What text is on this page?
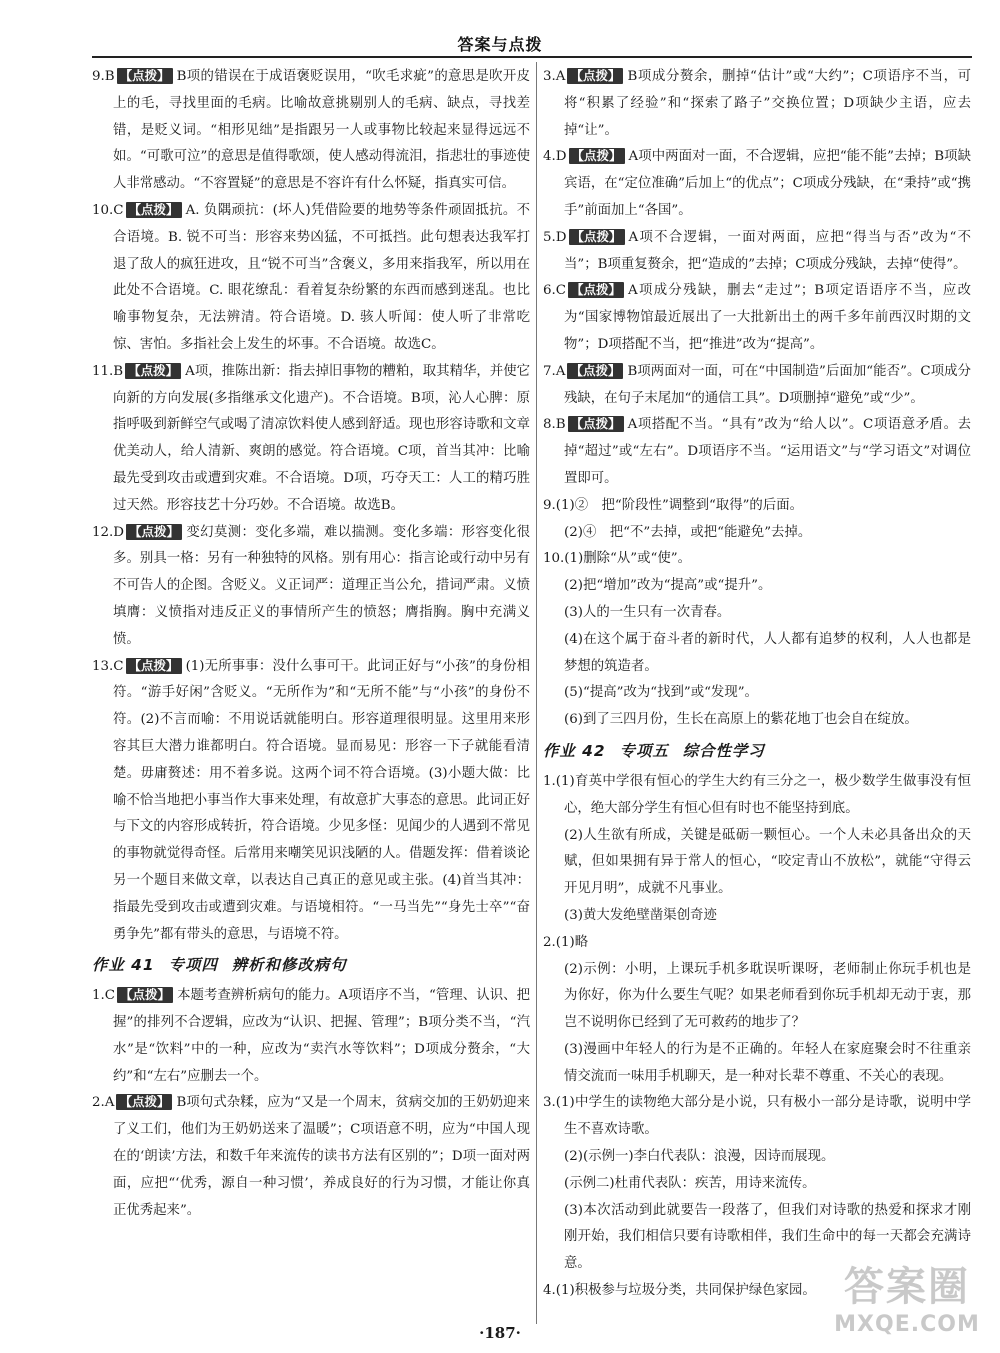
答案与点拨

9.B 【点拨】 B项的错误在于成语褒贬误用，“吹毛求疵”的意思是吹开皮上的毛，寻找里面的毛病。比喻故意挑剔别人的毛病、缺点，寻找差错，是贬义词。“相形见绌”是指跟另一人或事物比较起来显得远远不如。“可歌可泣”的意思是值得歌颂，使人感动得流泪，指悲壮的事迹使人非常感动。“不容置疑”的意思是不容许有什么怀疑，指真实可信。

10.C 【点拨】 A. 负隅顽抗：(坏人)凭借险要的地势等条件顽固抵抗。不合语境。B. 锐不可当：形容来势凶猛，不可抵挡。此句想表达我军打退了敌人的疯狂进攻，且“锐不可当”含褒义，多用来指我军，所以用在此处不合语境。C. 眼花缭乱：看着复杂纷繁的东西而感到迷乱。也比喻事物复杂，无法辨清。符合语境。D. 骇人听闻：使人听了非常吃惊、害怕。多指社会上发生的坏事。不合语境。故选C。

11.B 【点拨】 A项，推陈出新：指去掉旧事物的糟粕，取其精华，并使它向新的方向发展(多指继承文化遗产)。不合语境。B项，沁人心脾：原指呼吸到新鲜空气或喝了清凉饮料使人感到舒适。现也形容诗歌和文章优美动人，给人清新、爽朗的感觉。符合语境。C项，首当其冲：比喻最先受到攻击或遭到灾难。不合语境。D项，巧夺天工：人工的精巧胜过天然。形容技艺十分巧妙。不合语境。故选B。

12.D 【点拨】 变幻莫测：变化多端，难以揣测。变化多端：形容变化很多。别具一格：另有一种独特的风格。别有用心：指言论或行动中另有不可告人的企图。含贬义。义正词严：道理正当公允，措词严肃。义愤填膺：义愤指对违反正义的事情所产生的愤怒；膺指胸。胸中充满义愤。

13.C 【点拨】 (1)无所事事：没什么事可干。此词正好与“小孩”的身份相符。“游手好闲”含贬义。“无所作为”和“无所不能”与“小孩”的身份不符。(2)不言而喻：不用说话就能明白。形容道理很明显。这里用来形容其巨大潜力谁都明白。符合语境。显而易见：形容一下子就能看清楚。毋庸赘述：用不着多说。这两个词不符合语境。(3)小题大做：比喻不恰当地把小事当作大事来处理，有故意扩大事态的意思。此词正好与下文的内容形成转折，符合语境。少见多怪：见闻少的人遇到不常见的事物就觉得奇怪。后常用来嘲笑见识浅陋的人。借题发挥：借着谈论另一个题目来做文章，以表达自己真正的意见或主张。(4)首当其冲：指最先受到攻击或遭到灾难。与语境相符。“一马当先”“身先士卒”“奋勇争先”都有带头的意思，与语境不符。

作业 41 专项四 辨析和修改病句

1.C 【点拨】 本题考查辨析病句的能力。A项语序不当，“管理、认识、把握”的排列不合逻辑，应改为“认识、把握、管理”；B项分类不当，“汽水”是“饮料”中的一种，应改为“卖汽水等饮料”；D项成分赘余，“大约”和“左右”应删去一个。

2.A 【点拨】 B项句式杂糅，应为“又是一个周末，贫病交加的王奶奶迎来了义工们，他们为王奶奶送来了温暖”；C项语意不明，应为“中国人现在的‘朗读’方法，和数千年来流传的读书方法有区别的”；D项一面对两面，应把“‘优秀，源自一种习惯’，养成良好的行为习惯，才能让你真正优秀起来”。

3.A 【点拨】 B项成分赘余，删掉“估计”或“大约”；C项语序不当，可将“积累了经验”和“探索了路子”交换位置；D项缺少主语，应去掉“让”。

4.D 【点拨】 A项中两面对一面，不合逻辑，应把“能不能”去掉；B项缺宾语，在“定位准确”后加上“的优点”；C项成分残缺，在“秉持”或“携手”前面加上“各国”。

5.D 【点拨】 A项不合逻辑，一面对两面，应把“得当与否”改为“不当”；B项重复赘余，把“造成的”去掉；C项成分残缺，去掉“使得”。

6.C 【点拨】 A项成分残缺，删去“走过”；B项定语语序不当，应改为“国家博物馆最近展出了一大批新出土的两千多年前西汉时期的文物”；D项搭配不当，把“推进”改为“提高”。

7.A 【点拨】 B项两面对一面，可在“中国制造”后面加“能否”。C项成分残缺，在句子末尾加“的通信工具”。D项删掉“避免”或“少”。

8.B 【点拨】 A项搭配不当。“具有”改为“给人以”。C项语意矛盾。去掉“超过”或“左右”。D项语序不当。“运用语文”与“学习语文”对调位置即可。

9.(1)②　把“阶段性”调整到“取得”的后面。

(2)④　把“不”去掉，或把“能避免”去掉。

10.(1)删除“从”或“使”。

(2)把“增加”改为“提高”或“提升”。

(3)人的一生只有一次青春。

(4)在这个属于奋斗者的新时代，人人都有追梦的权利，人人也都是梦想的筑造者。

(5)“提高”改为“找到”或“发现”。

(6)到了三四月份，生长在高原上的紫花地丁也会自在绽放。

作业 42 专项五 综合性学习

1.(1)育英中学很有恒心的学生大约有三分之一，极少数学生做事没有恒心，绝大部分学生有恒心但有时也不能坚持到底。

(2)人生欲有所成，关键是砥砺一颗恒心。一个人未必具备出众的天赋，但如果拥有异于常人的恒心，“咬定青山不放松”，就能“守得云开见月明”，成就不凡事业。

(3)黄大发绝壁凿渠创奇迹

2.(1)略

(2)示例：小明，上课玩手机多耽误听课呀，老师制止你玩手机也是为你好，你为什么要生气呢？如果老师看到你玩手机却无动于衷，那岂不说明你已经到了无可救药的地步了？

(3)漫画中年轻人的行为是不正确的。年轻人在家庭聚会时不往重亲情交流而一味用手机聊天，是一种对长辈不尊重、不关心的表现。

3.(1)中学生的读物绝大部分是小说，只有极小一部分是诗歌，说明中学生不喜欢诗歌。

(2)(示例一)李白代表队：浪漫，因诗而展现。

(示例二)杜甫代表队：疾苦，用诗来流传。

(3)本次活动到此就要告一段落了，但我们对诗歌的热爱和探求才刚刚开始，我们相信只要有诗歌相伴，我们生命中的每一天都会充满诗意。

4.(1)积极参与垃圾分类，共同保护绿色家园。

·187·
答案圈
MXQE.COM
